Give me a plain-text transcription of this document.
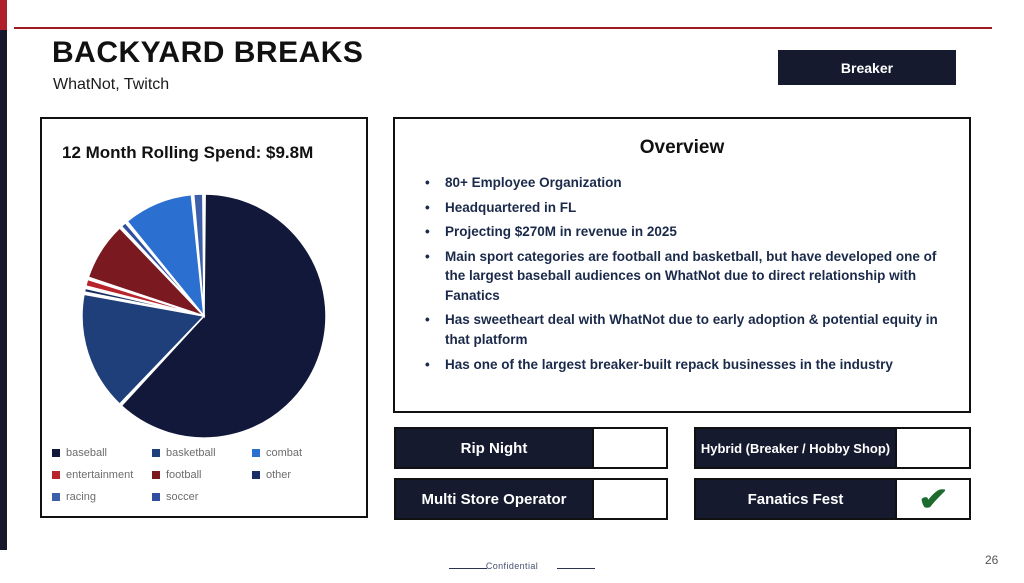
BACKYARD BREAKS
WhatNot, Twitch
Breaker
12 Month Rolling Spend: $9.8M
baseball	basketball	combat
entertainment	football	other
racing	soccer
Overview
• 80+ Employee Organization
• Headquartered in FL
• Projecting $270M in revenue in 2025
• Main sport categories are football and basketball, but have developed one of the largest baseball audiences on WhatNot due to direct relationship with Fanatics
• Has sweetheart deal with WhatNot due to early adoption & potential equity in that platform
• Has one of the largest breaker-built repack businesses in the industry
Rip Night
Multi Store Operator
Hybrid (Breaker / Hobby Shop)
Fanatics Fest	✔
Confidential	26
